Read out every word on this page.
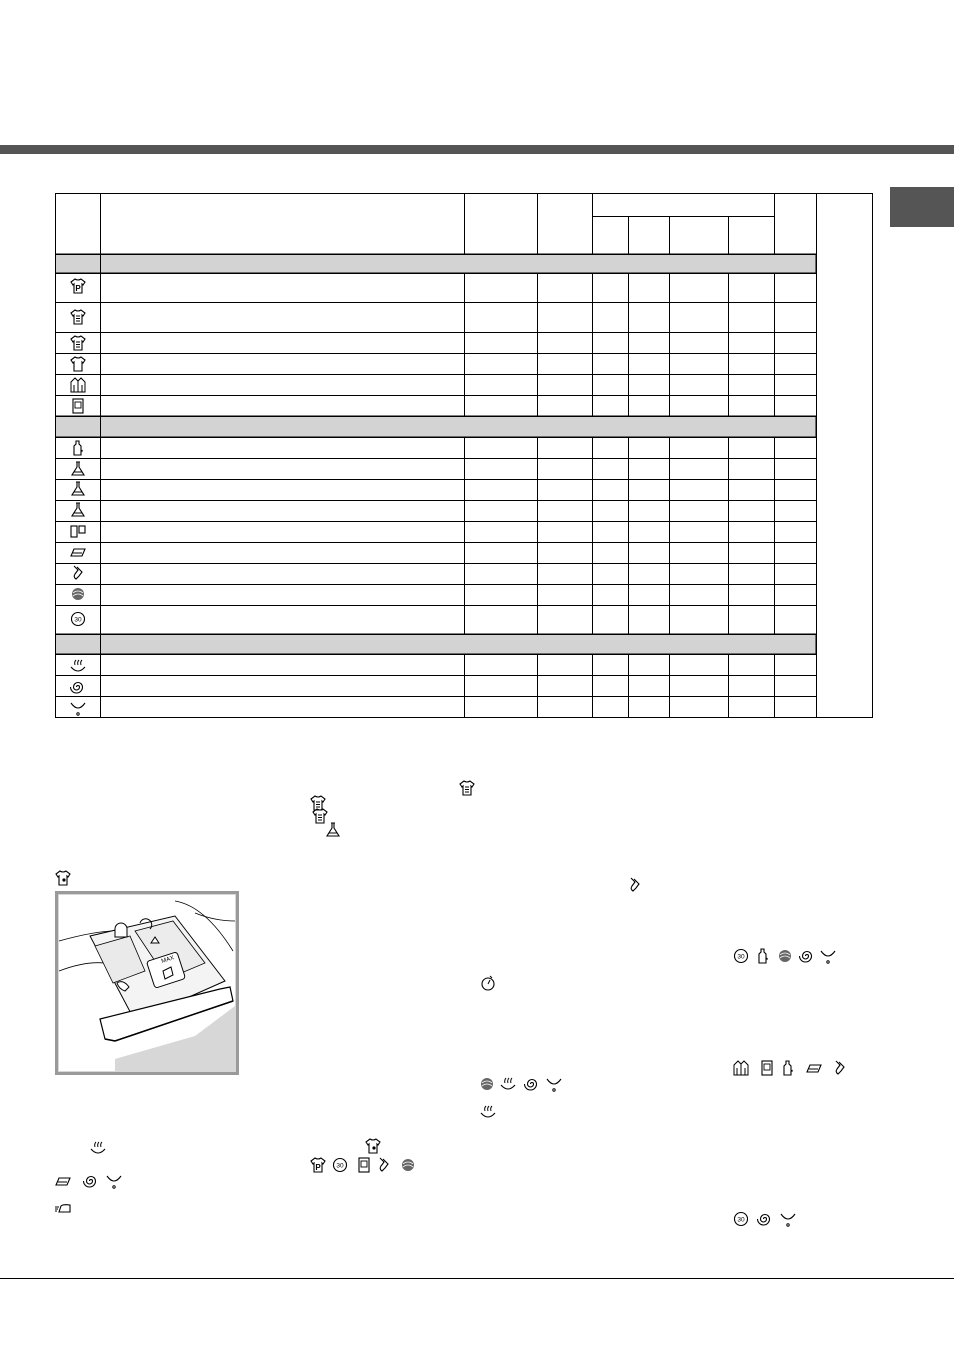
MAX
